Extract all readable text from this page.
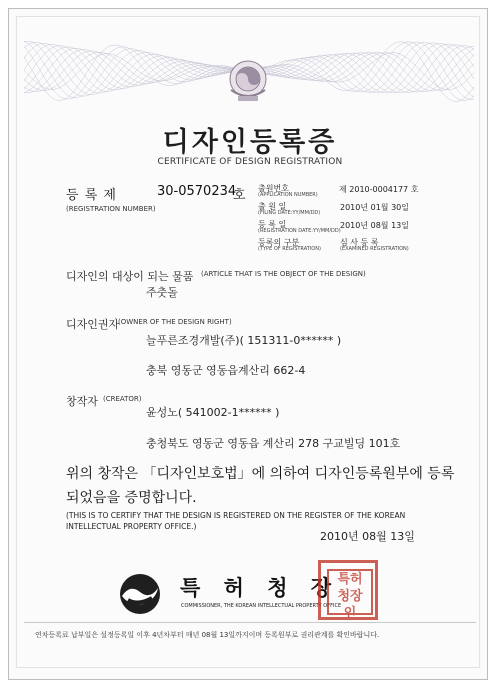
디자인등록증
CERTIFICATE OF DESIGN REGISTRATION
등 록 제	30-0570234
호
(REGISTRATION NUMBER)
출원번호
(APPLICATION NUMBER)
제 2010-0004177 호
출 원 일
(FILING DATE:YY/MM/DD)
2010년 01월 30일
등 록 일
(REGISTRATION DATE:YY/MM/DD)
2010년 08월 13일
등록의 구분
(TYPE OF REGISTRATION)
심 사 등 록
(EXAMINED REGISTRATION)
디자인의 대상이 되는 물품 (ARTICLE THAT IS THE OBJECT OF THE DESIGN)
주춧돌
디자인권자
(OWNER OF THE DESIGN RIGHT)
늘푸른조경개발(주)( 151311-0****** )
충북 영동군 영동읍계산리 662-4
창작자 (CREATOR)
윤성노( 541002-1****** )
충청북도 영동군 영동읍 계산리 278 구교빌딩 101호
위의 창작은 「디자인보호법」에 의하여 디자인등록원부에 등록
되었음을 증명합니다.
(THIS IS TO CERTIFY THAT THE DESIGN IS REGISTERED ON THE REGISTER OF THE KOREAN
INTELLECTUAL PROPERTY OFFICE.)
2010년 08월 13일
특 허 청 장
COMMISSIONER, THE KOREAN INTELLECTUAL PROPERTY OFFICE
특허청장인
연차등록료 납부일은 설정등록일 이후 4년차부터 매년 08월 13일까지이며 등록원부로 권리관계를 확인바랍니다.
